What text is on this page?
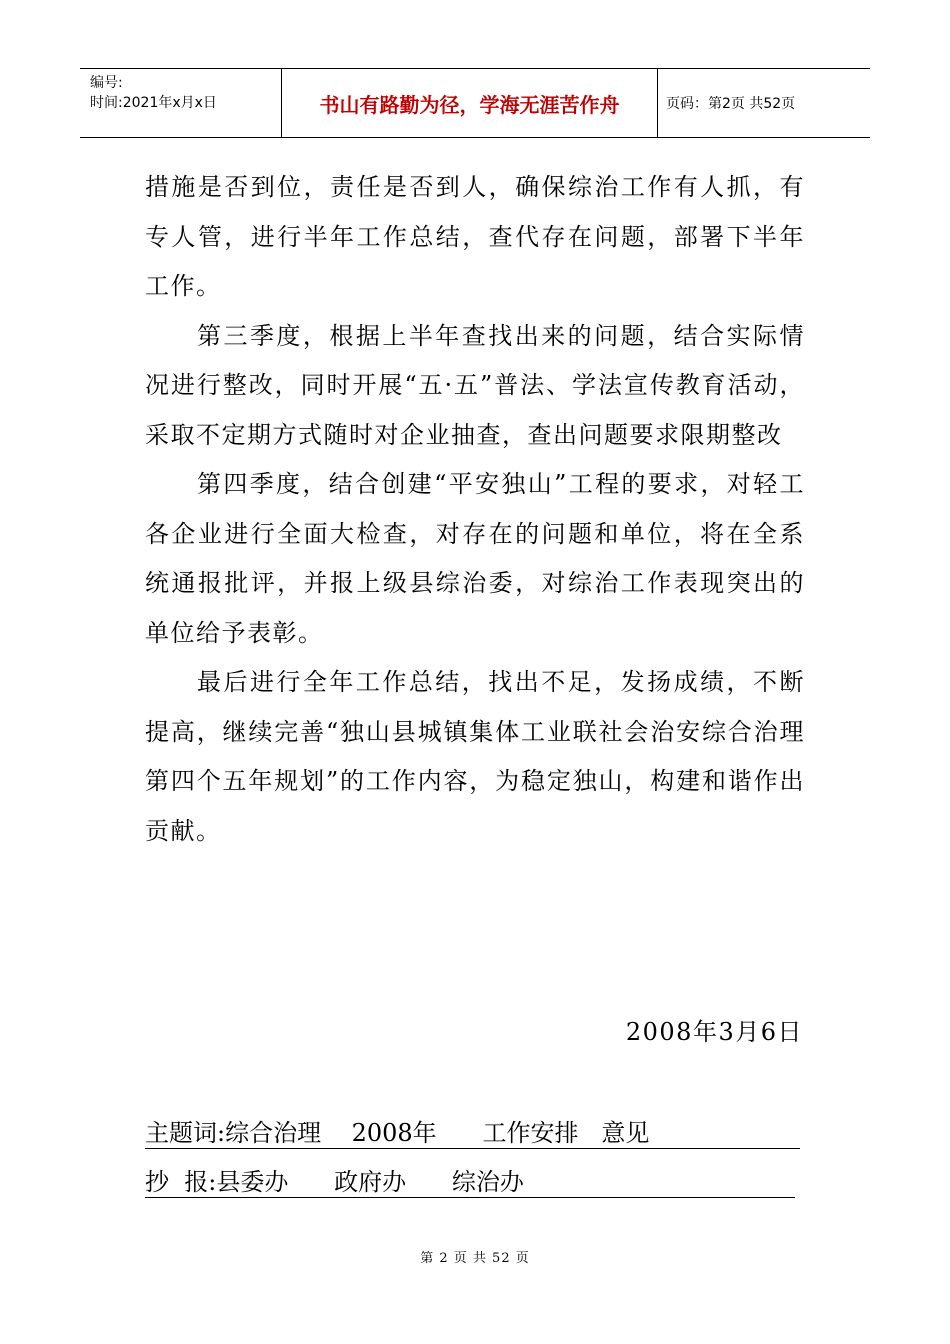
编号:
时间:2021年x月x日	书山有路勤为径，学海无涯苦作舟	页码：第2页 共52页

措施是否到位，责任是否到人，确保综治工作有人抓，有专人管，进行半年工作总结，查代存在问题，部署下半年工作。

第三季度，根据上半年查找出来的问题，结合实际情况进行整改，同时开展“五·五”普法、学法宣传教育活动，采取不定期方式随时对企业抽查，查出问题要求限期整改

第四季度，结合创建“平安独山”工程的要求，对轻工各企业进行全面大检查，对存在的问题和单位，将在全系统通报批评，并报上级县综治委，对综治工作表现突出的单位给予表彰。

最后进行全年工作总结，找出不足，发扬成绩，不断提高，继续完善“独山县城镇集体工业联社会治安综合治理第四个五年规划”的工作内容，为稳定独山，构建和谐作出贡献。

2008年3月6日
主题词:综合治理    2008年      工作安排   意见
抄  报:县委办      政府办      综治办
第 2 页 共 52 页
